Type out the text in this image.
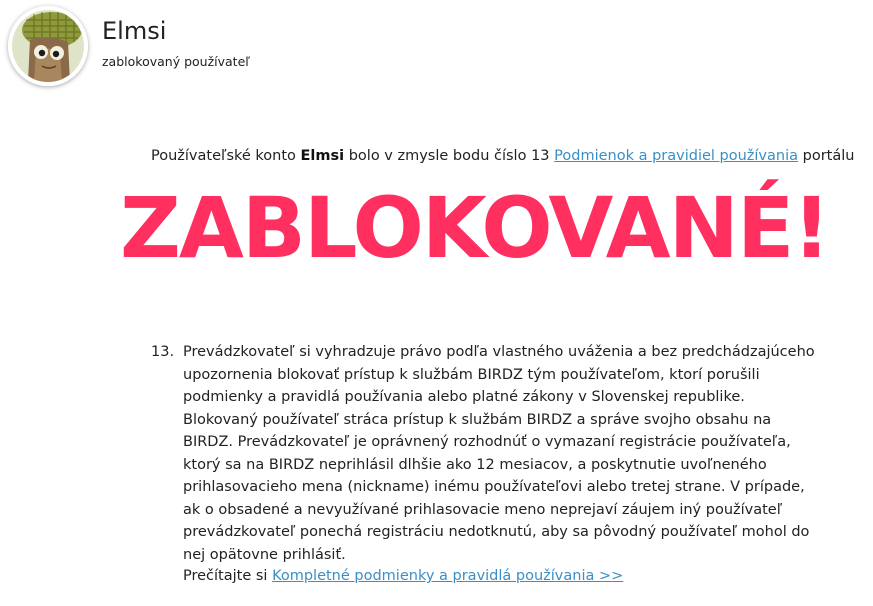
Elmsi
zablokovaný používateľ
Používateľské konto Elmsi bolo v zmysle bodu číslo 13 Podmienok a pravidiel používania portálu
ZABLOKOVANÉ!
13. Prevádzkovateľ si vyhradzuje právo podľa vlastného uváženia a bez predchádzajúceho upozornenia blokovať prístup k službám BIRDZ tým používateľom, ktorí porušili podmienky a pravidlá používania alebo platné zákony v Slovenskej republike. Blokovaný používateľ stráca prístup k službám BIRDZ a správe svojho obsahu na BIRDZ. Prevádzkovateľ je oprávnený rozhodnúť o vymazaní registrácie používateľa, ktorý sa na BIRDZ neprihlásil dlhšie ako 12 mesiacov, a poskytnutie uvoľneného prihlasovacieho mena (nickname) inému používateľovi alebo tretej strane. V prípade, ak o obsadené a nevyužívané prihlasovacie meno neprejaví záujem iný používateľ prevádzkovateľ ponechá registráciu nedotknutú, aby sa pôvodný používateľ mohol do nej opätovne prihlásiť.
Prečítajte si Kompletné podmienky a pravidlá používania >>
